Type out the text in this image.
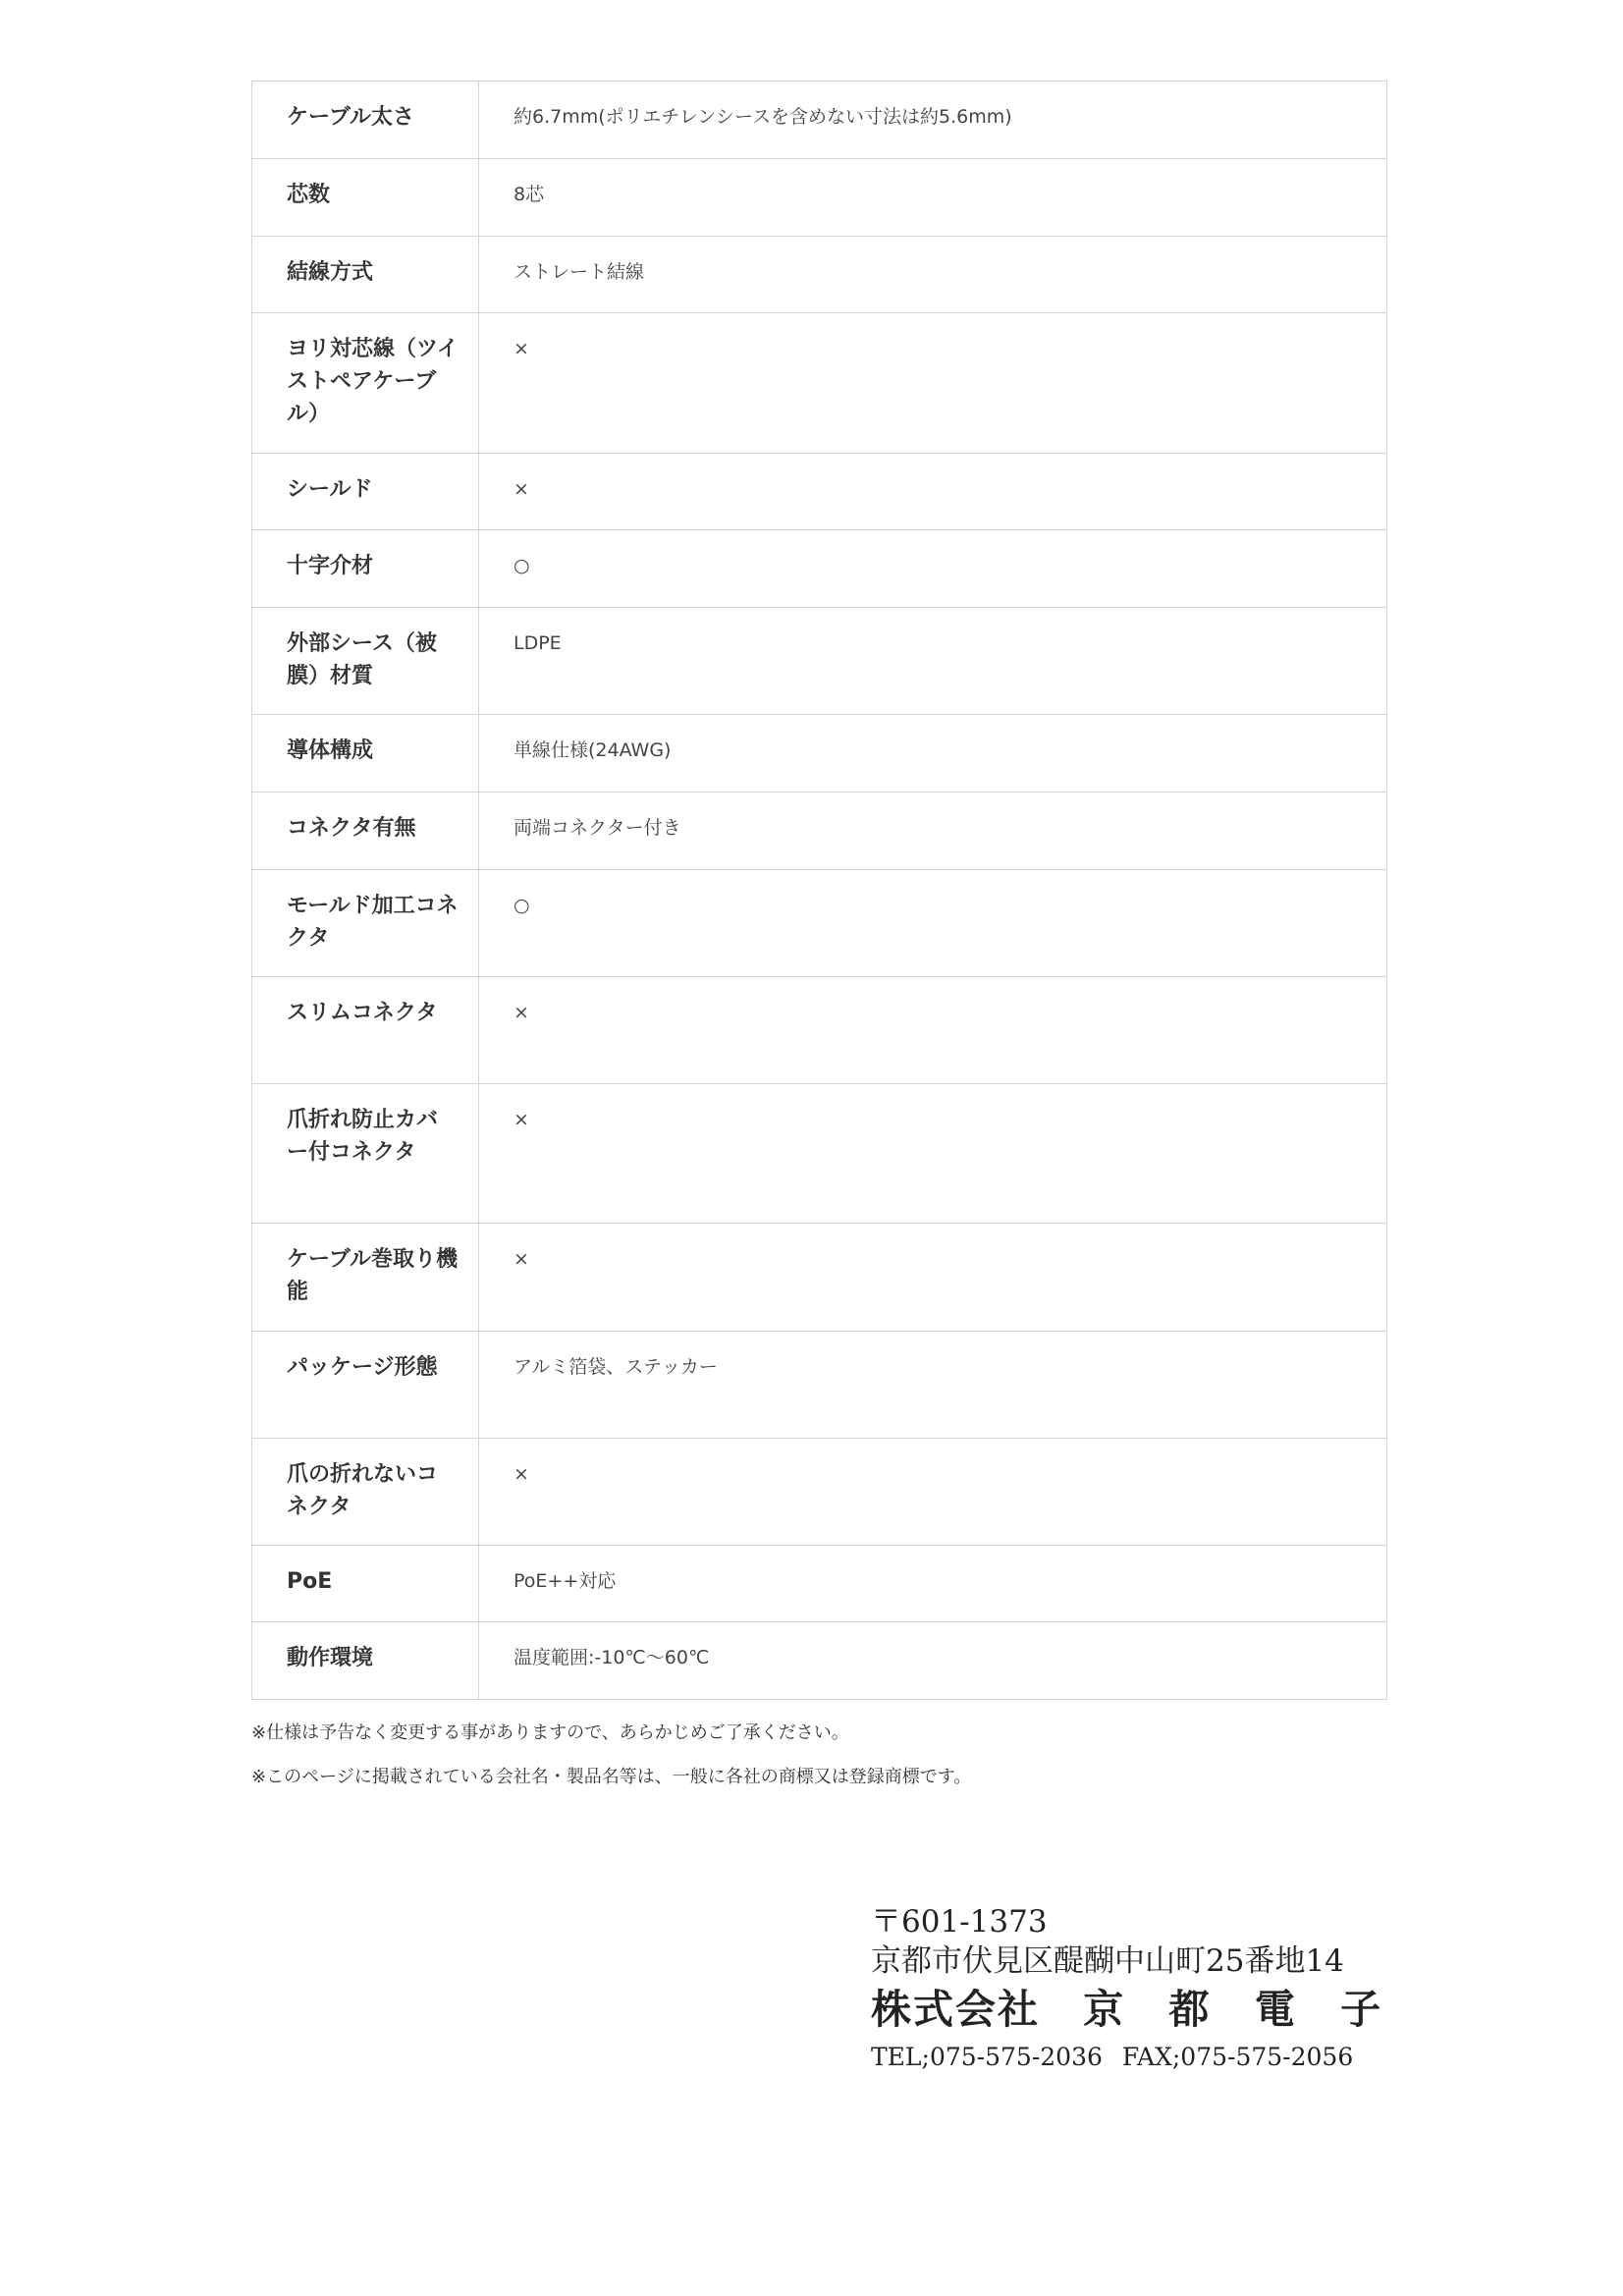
ケーブル太さ	約6.7mm(ポリエチレンシースを含めない寸法は約5.6mm)
芯数	8芯
結線方式	ストレート結線
ヨリ対芯線（ツイストペアケーブル）	×
シールド	×
十字介材	○
外部シース（被膜）材質	LDPE
導体構成	単線仕様(24AWG)
コネクタ有無	両端コネクター付き
モールド加工コネクタ	○
スリムコネクタ	×
爪折れ防止カバー付コネクタ	×
ケーブル巻取り機能	×
パッケージ形態	アルミ箔袋、ステッカー
爪の折れないコネクタ	×
PoE	PoE++対応
動作環境	温度範囲:-10℃～60℃
※仕様は予告なく変更する事がありますので、あらかじめご了承ください。
※このページに掲載されている会社名・製品名等は、一般に各社の商標又は登録商標です。
〒601-1373
京都市伏見区醍醐中山町25番地14
株式会社 京 都 電 子
TEL;075-575-2036 FAX;075-575-2056
